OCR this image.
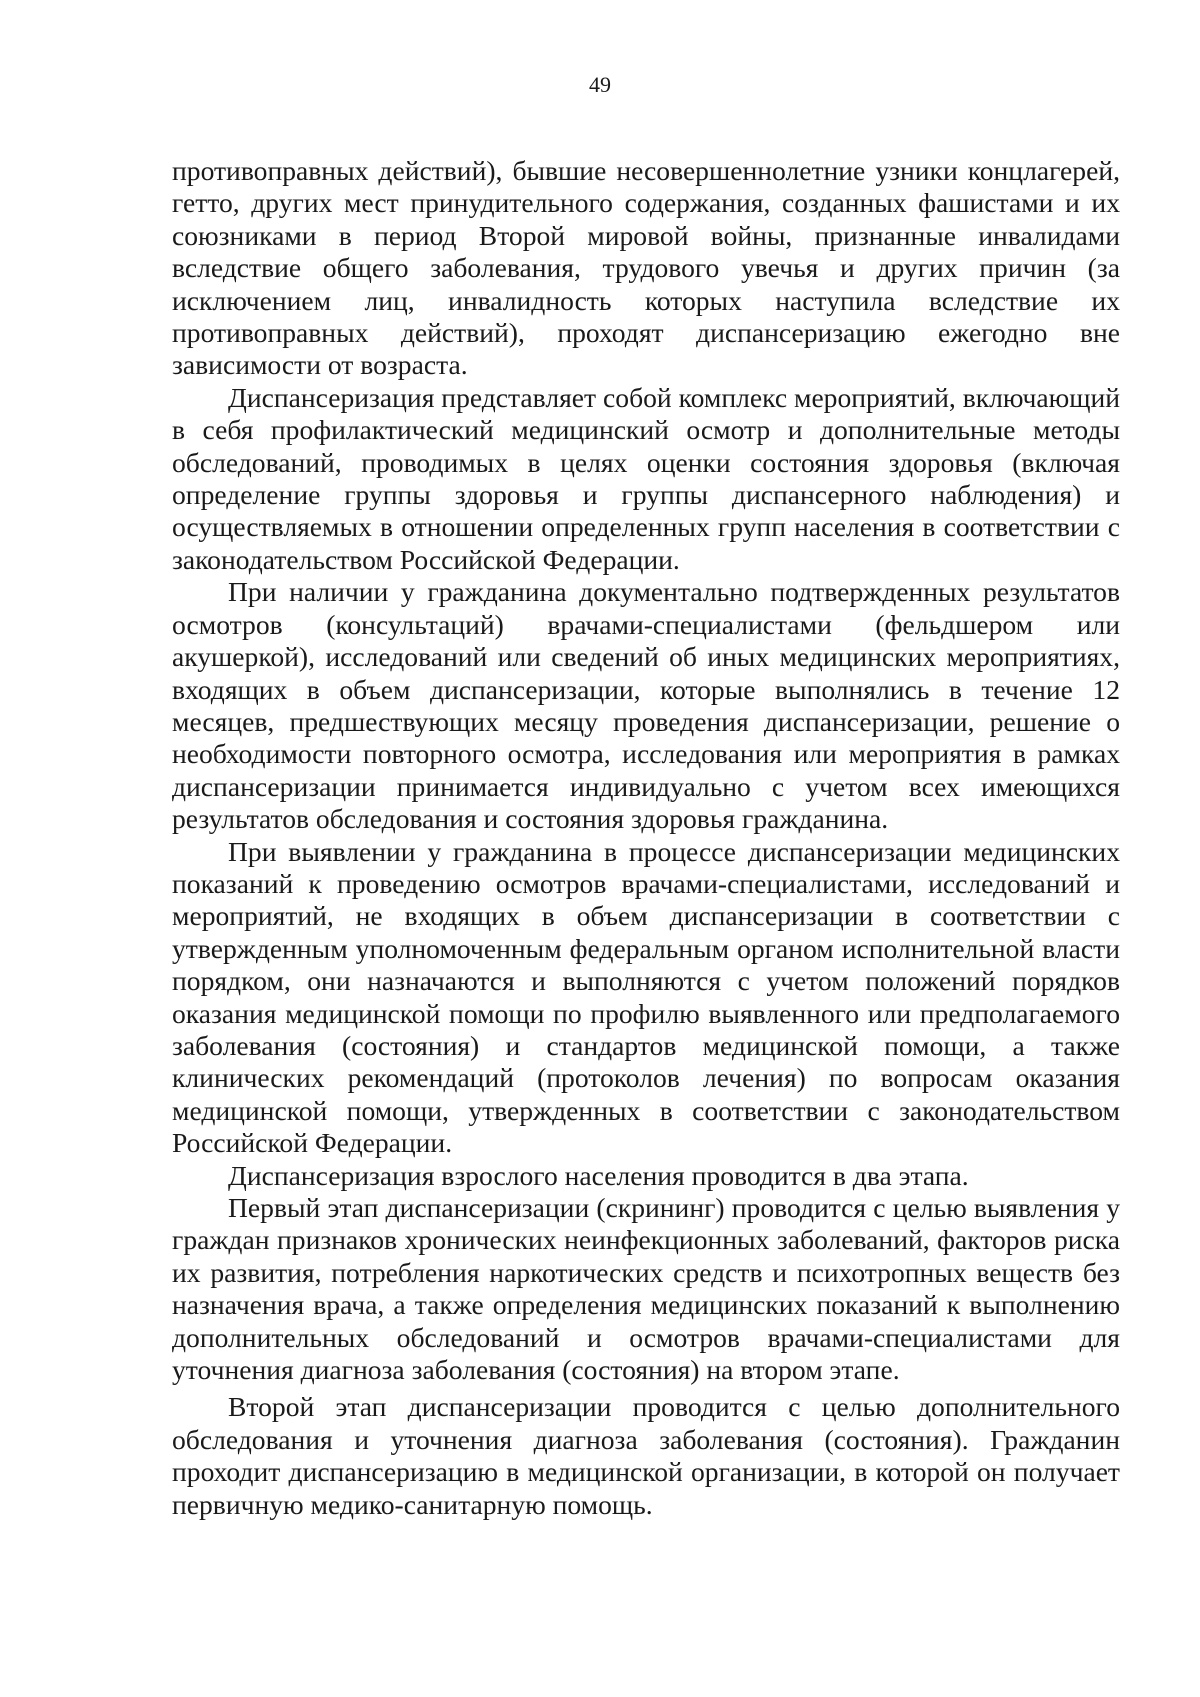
49

противоправных действий), бывшие несовершеннолетние узники концлагерей, гетто, других мест принудительного содержания, созданных фашистами и их союзниками в период Второй мировой войны, признанные инвалидами вследствие общего заболевания, трудового увечья и других причин (за исключением лиц, инвалидность которых наступила вследствие их противоправных действий), проходят диспансеризацию ежегодно вне зависимости от возраста.

Диспансеризация представляет собой комплекс мероприятий, включающий в себя профилактический медицинский осмотр и дополнительные методы обследований, проводимых в целях оценки состояния здоровья (включая определение группы здоровья и группы диспансерного наблюдения) и осуществляемых в отношении определенных групп населения в соответствии с законодательством Российской Федерации.

При наличии у гражданина документально подтвержденных результатов осмотров (консультаций) врачами-специалистами (фельдшером или акушеркой), исследований или сведений об иных медицинских мероприятиях, входящих в объем диспансеризации, которые выполнялись в течение 12 месяцев, предшествующих месяцу проведения диспансеризации, решение о необходимости повторного осмотра, исследования или мероприятия в рамках диспансеризации принимается индивидуально с учетом всех имеющихся результатов обследования и состояния здоровья гражданина.

При выявлении у гражданина в процессе диспансеризации медицинских показаний к проведению осмотров врачами-специалистами, исследований и мероприятий, не входящих в объем диспансеризации в соответствии с утвержденным уполномоченным федеральным органом исполнительной власти порядком, они назначаются и выполняются с учетом положений порядков оказания медицинской помощи по профилю выявленного или предполагаемого заболевания (состояния) и стандартов медицинской помощи, а также клинических рекомендаций (протоколов лечения) по вопросам оказания медицинской помощи, утвержденных в соответствии с законодательством Российской Федерации.

Диспансеризация взрослого населения проводится в два этапа.

Первый этап диспансеризации (скрининг) проводится с целью выявления у граждан признаков хронических неинфекционных заболеваний, факторов риска их развития, потребления наркотических средств и психотропных веществ без назначения врача, а также определения медицинских показаний к выполнению дополнительных обследований и осмотров врачами-специалистами для уточнения диагноза заболевания (состояния) на втором этапе.

Второй этап диспансеризации проводится с целью дополнительного обследования и уточнения диагноза заболевания (состояния). Гражданин проходит диспансеризацию в медицинской организации, в которой он получает первичную медико-санитарную помощь.
